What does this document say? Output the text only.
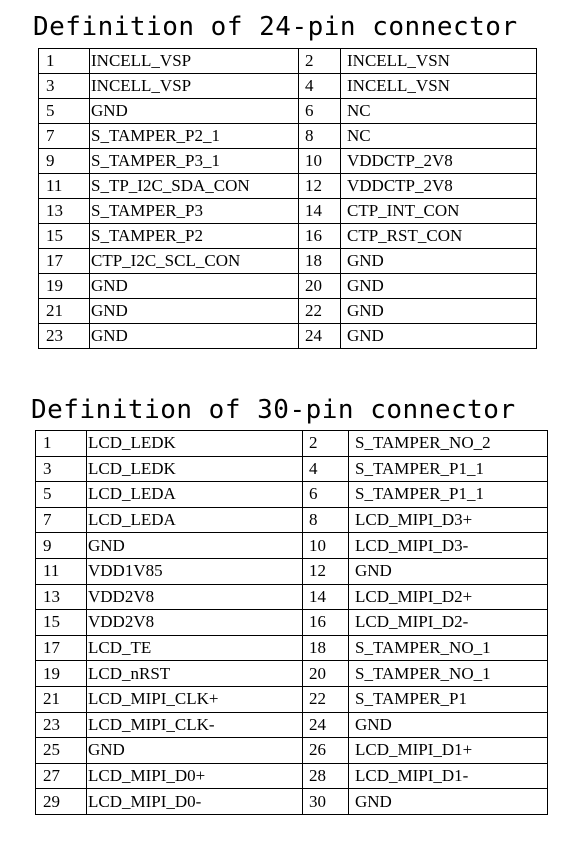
Definition of 24-pin connector
1	INCELL_VSP	2	INCELL_VSN
3	INCELL_VSP	4	INCELL_VSN
5	GND	6	NC
7	S_TAMPER_P2_1	8	NC
9	S_TAMPER_P3_1	10	VDDCTP_2V8
11	S_TP_I2C_SDA_CON	12	VDDCTP_2V8
13	S_TAMPER_P3	14	CTP_INT_CON
15	S_TAMPER_P2	16	CTP_RST_CON
17	CTP_I2C_SCL_CON	18	GND
19	GND	20	GND
21	GND	22	GND
23	GND	24	GND
Definition of 30-pin connector
1	LCD_LEDK	2	S_TAMPER_NO_2
3	LCD_LEDK	4	S_TAMPER_P1_1
5	LCD_LEDA	6	S_TAMPER_P1_1
7	LCD_LEDA	8	LCD_MIPI_D3+
9	GND	10	LCD_MIPI_D3-
11	VDD1V85	12	GND
13	VDD2V8	14	LCD_MIPI_D2+
15	VDD2V8	16	LCD_MIPI_D2-
17	LCD_TE	18	S_TAMPER_NO_1
19	LCD_nRST	20	S_TAMPER_NO_1
21	LCD_MIPI_CLK+	22	S_TAMPER_P1
23	LCD_MIPI_CLK-	24	GND
25	GND	26	LCD_MIPI_D1+
27	LCD_MIPI_D0+	28	LCD_MIPI_D1-
29	LCD_MIPI_D0-	30	GND
